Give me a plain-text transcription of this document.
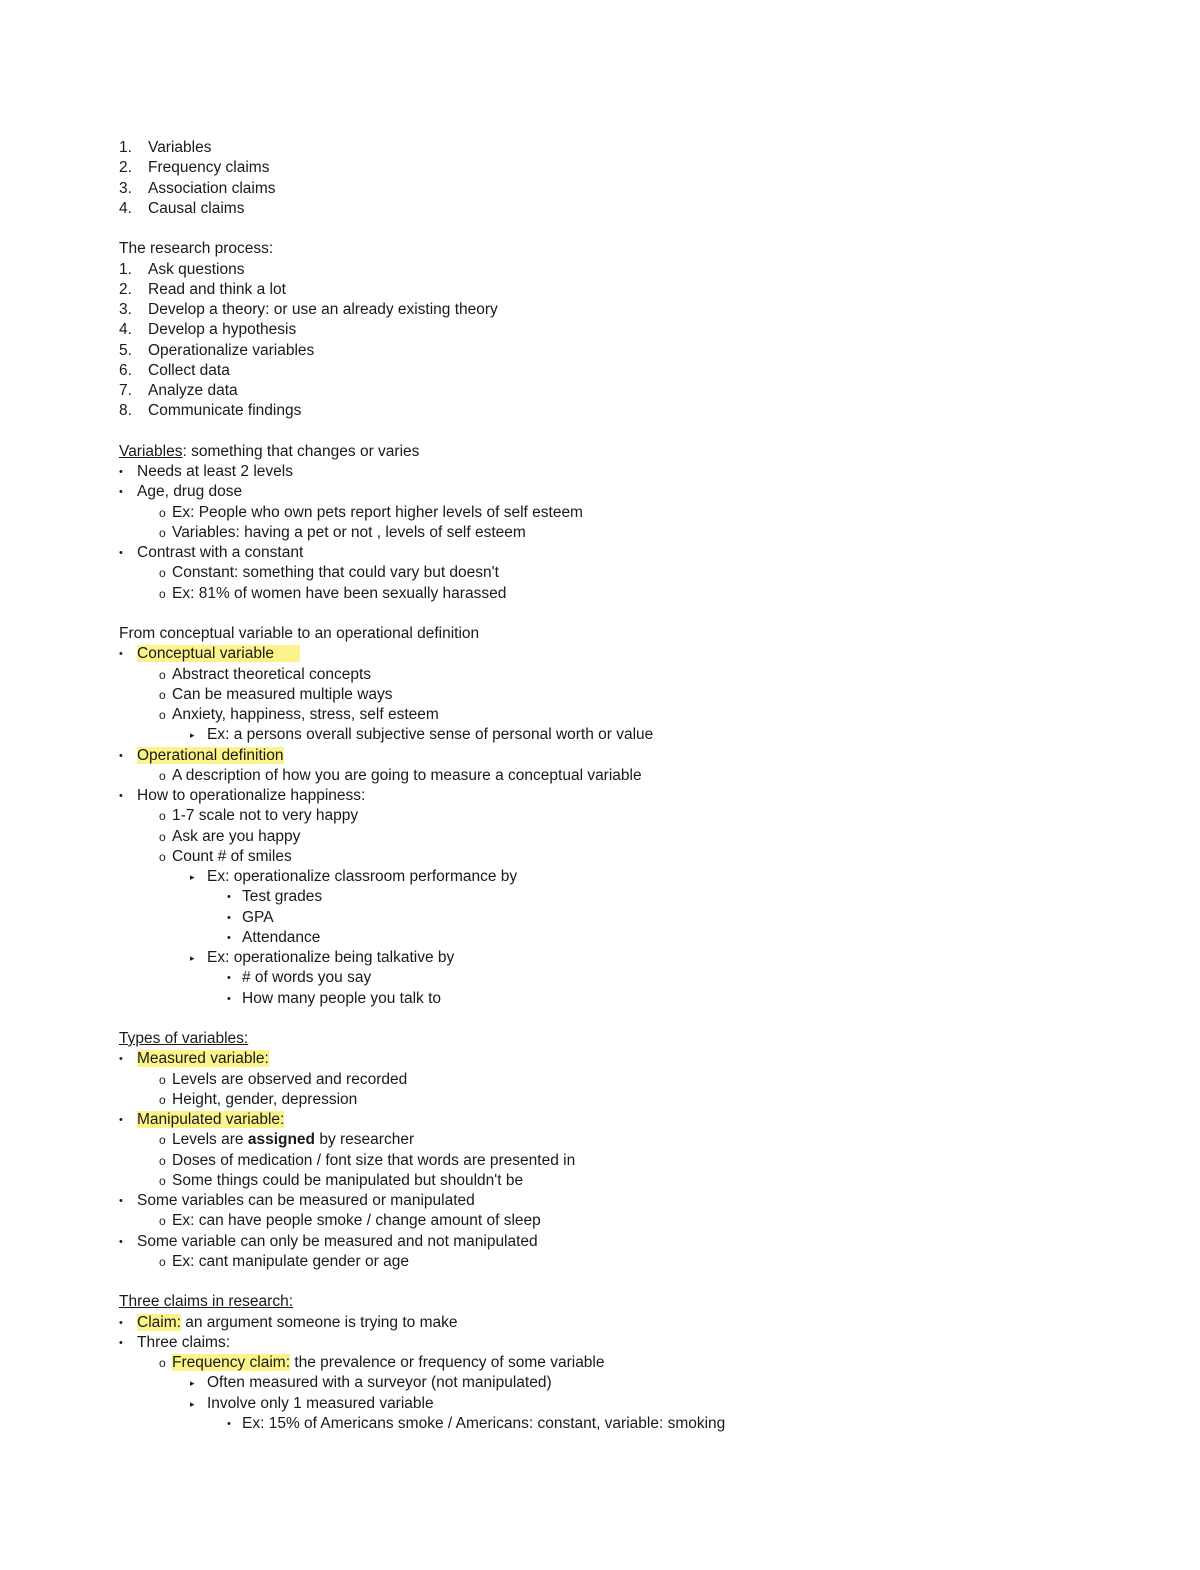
1. Variables
2. Frequency claims
3. Association claims
4. Causal claims
The research process:
1. Ask questions
2. Read and think a lot
3. Develop a theory: or use an already existing theory
4. Develop a hypothesis
5. Operationalize variables
6. Collect data
7. Analyze data
8. Communicate findings
Variables: something that changes or varies
• Needs at least 2 levels
• Age, drug dose
o Ex: People who own pets report higher levels of self esteem
o Variables: having a pet or not , levels of self esteem
• Contrast with a constant
o Constant: something that could vary but doesn't
o Ex: 81% of women have been sexually harassed
From conceptual variable to an operational definition
• Conceptual variable
o Abstract theoretical concepts
o Can be measured multiple ways
o Anxiety, happiness, stress, self esteem
▸ Ex: a persons overall subjective sense of personal worth or value
• Operational definition
o A description of how you are going to measure a conceptual variable
• How to operationalize happiness:
o 1-7 scale not to very happy
o Ask are you happy
o Count # of smiles
▸ Ex: operationalize classroom performance by
• Test grades
• GPA
• Attendance
▸ Ex: operationalize being talkative by
• # of words you say
• How many people you talk to
Types of variables:
• Measured variable:
o Levels are observed and recorded
o Height, gender, depression
• Manipulated variable:
o Levels are assigned by researcher
o Doses of medication / font size that words are presented in
o Some things could be manipulated but shouldn't be
• Some variables can be measured or manipulated
o Ex: can have people smoke / change amount of sleep
• Some variable can only be measured and not manipulated
o Ex: cant manipulate gender or age
Three claims in research:
• Claim: an argument someone is trying to make
• Three claims:
o Frequency claim: the prevalence or frequency of some variable
▸ Often measured with a surveyor (not manipulated)
▸ Involve only 1 measured variable
• Ex: 15% of Americans smoke / Americans: constant, variable: smoking
